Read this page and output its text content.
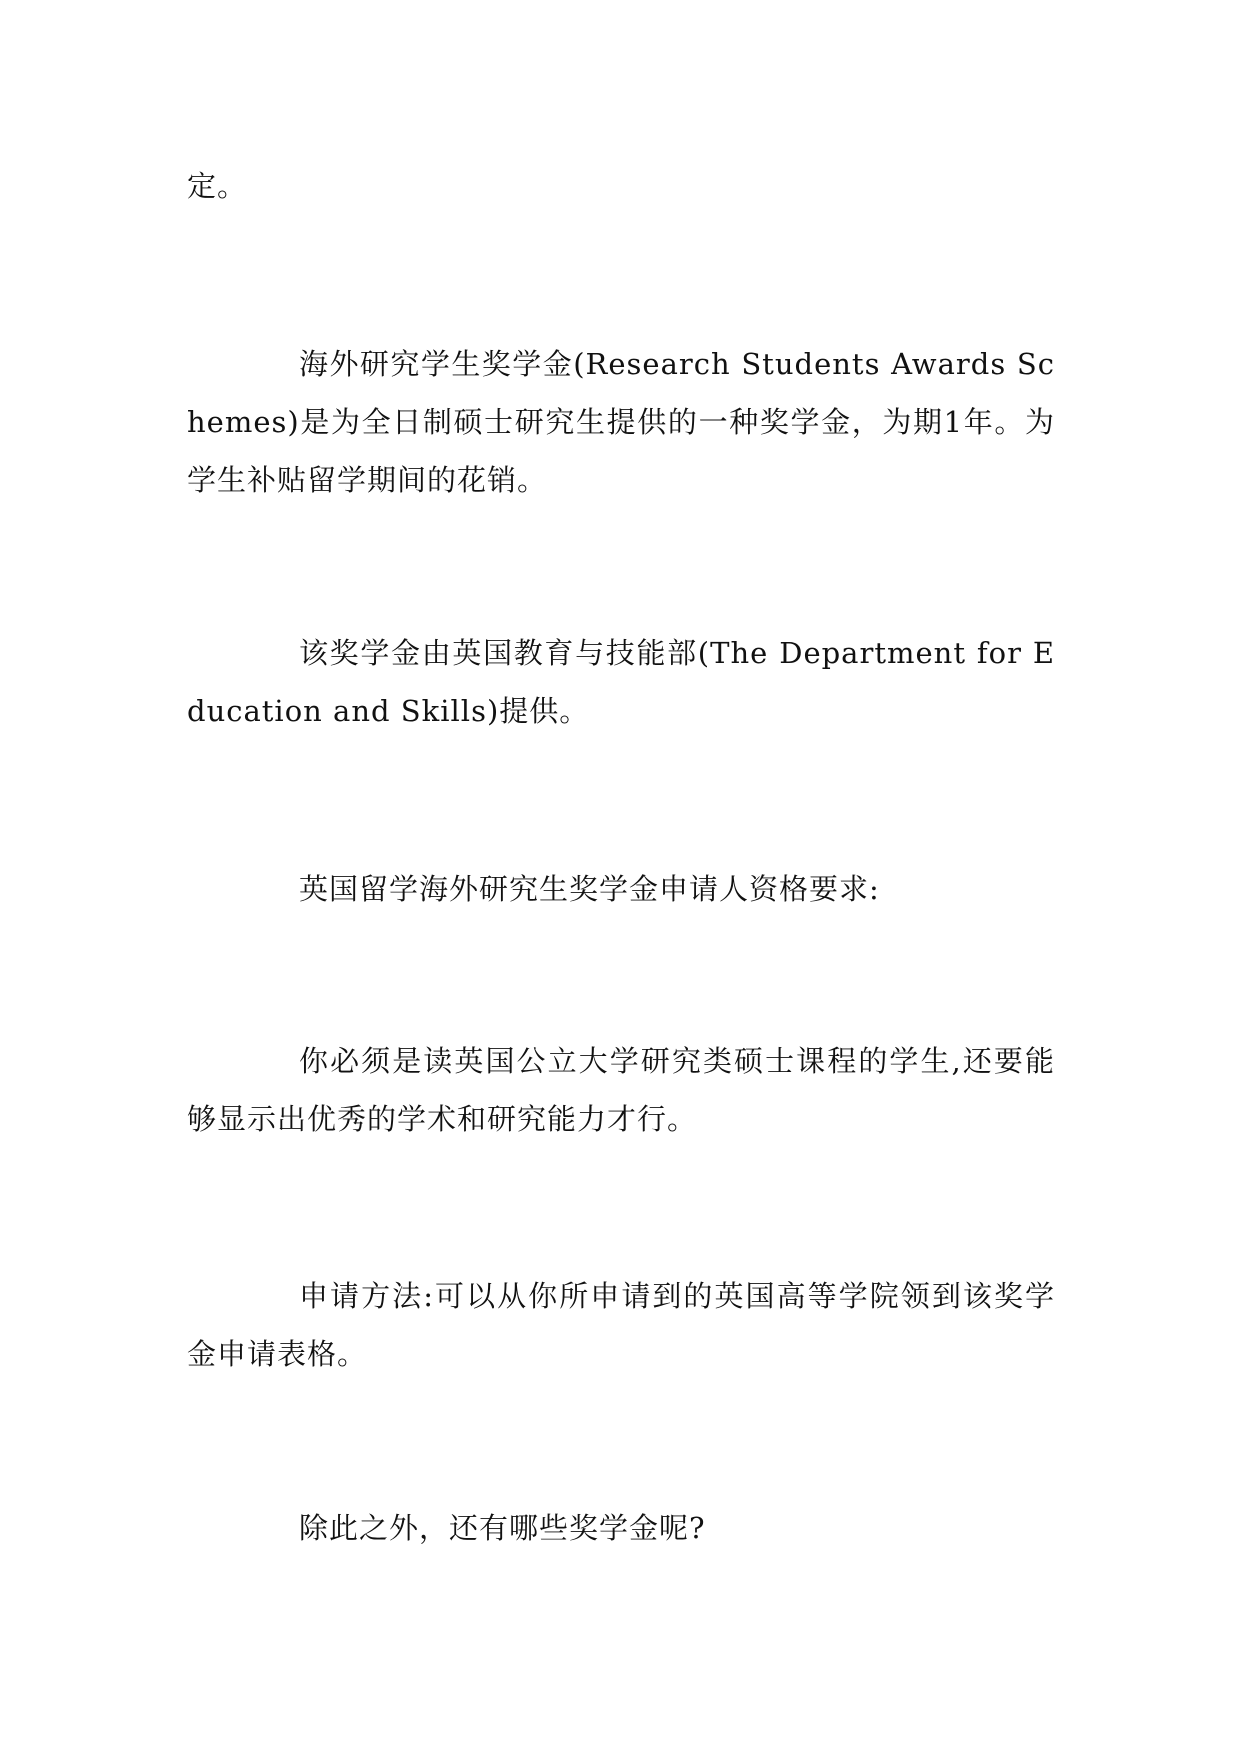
定。

海外研究学生奖学金(Research Students Awards Schemes)是为全日制硕士研究生提供的一种奖学金，为期1年。为学生补贴留学期间的花销。

该奖学金由英国教育与技能部(The Department for Education and Skills)提供。

英国留学海外研究生奖学金申请人资格要求:

你必须是读英国公立大学研究类硕士课程的学生,还要能够显示出优秀的学术和研究能力才行。

申请方法:可以从你所申请到的英国高等学院领到该奖学金申请表格。

除此之外，还有哪些奖学金呢?
